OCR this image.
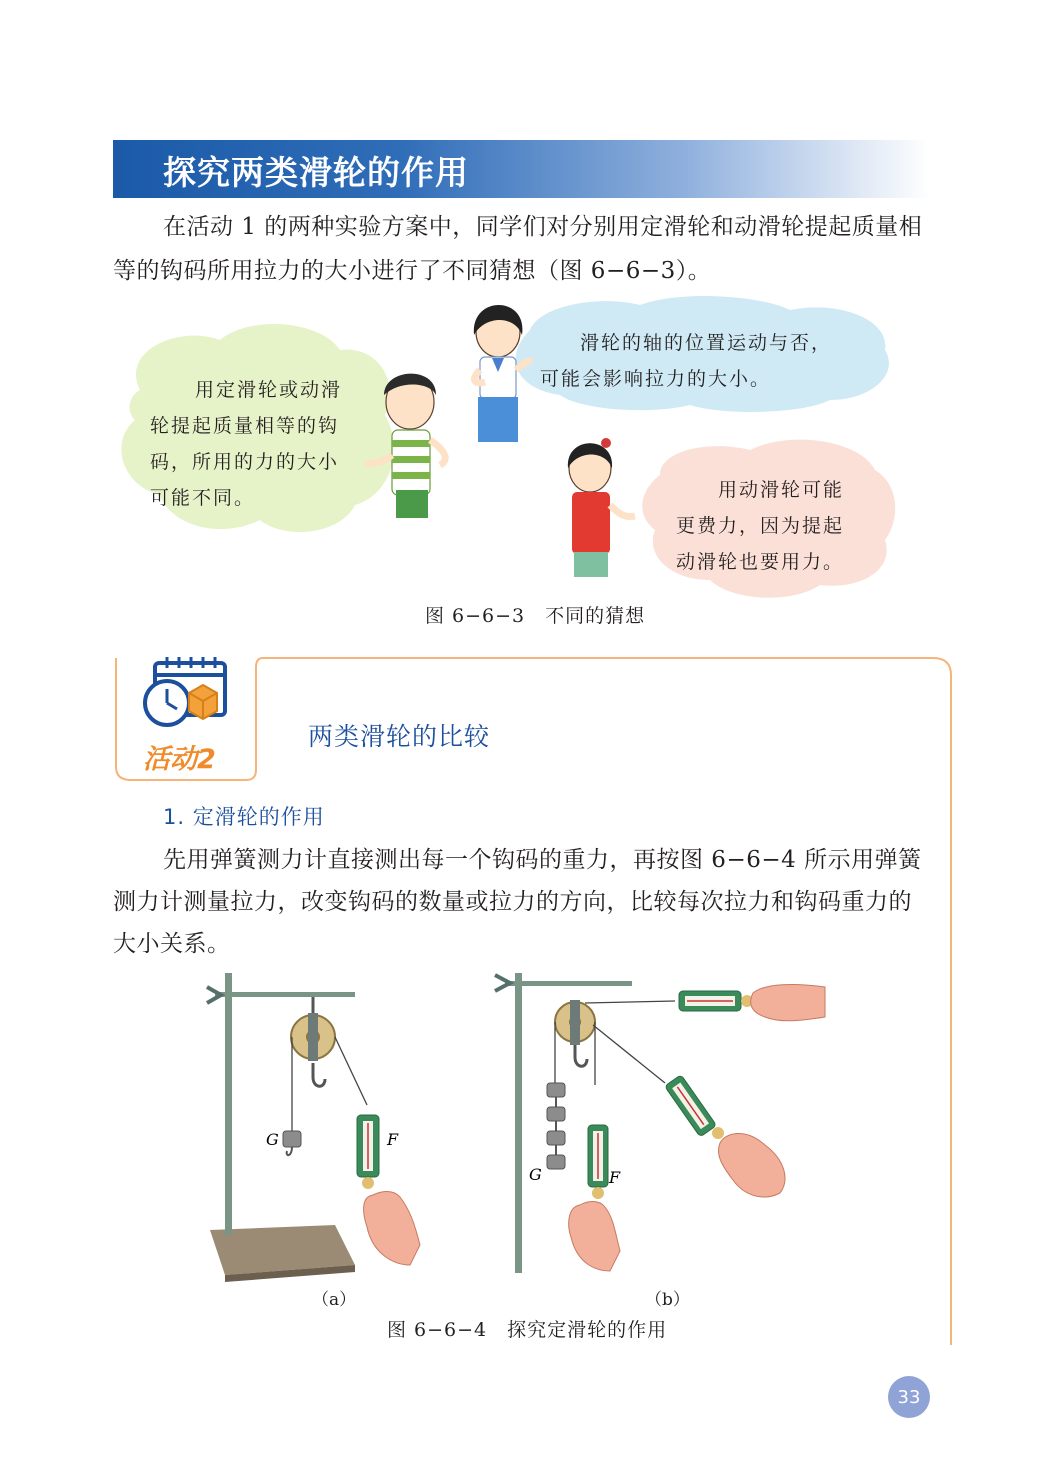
探究两类滑轮的作用
在活动 1 的两种实验方案中，同学们对分别用定滑轮和动滑轮提起质量相
等的钩码所用拉力的大小进行了不同猜想（图 6−6−3）。
用定滑轮或动滑
轮提起质量相等的钩
码，所用的力的大小
可能不同。
滑轮的轴的位置运动与否，
可能会影响拉力的大小。
用动滑轮可能
更费力，因为提起
动滑轮也要用力。
图 6−6−3　不同的猜想
活动2
两类滑轮的比较
1. 定滑轮的作用
先用弹簧测力计直接测出每一个钩码的重力，再按图 6−6−4 所示用弹簧
测力计测量拉力，改变钩码的数量或拉力的方向，比较每次拉力和钩码重力的
大小关系。
G	F
G	F
（a）	（b）
图 6−6−4　探究定滑轮的作用
33
